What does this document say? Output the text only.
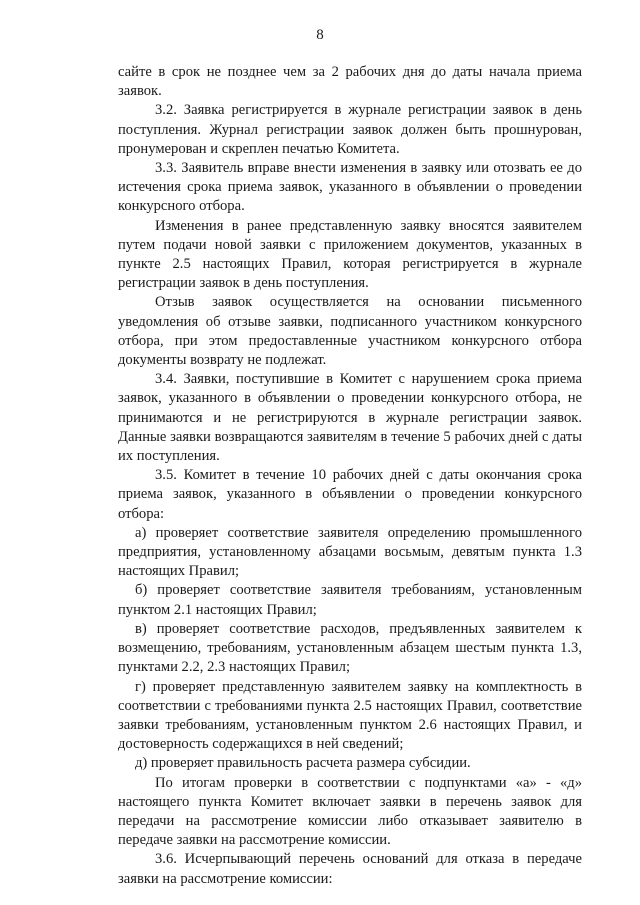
8

сайте в срок не позднее чем за 2 рабочих дня до даты начала приема заявок.

3.2. Заявка регистрируется в журнале регистрации заявок в день поступления. Журнал регистрации заявок должен быть прошнурован, пронумерован и скреплен печатью Комитета.

3.3. Заявитель вправе внести изменения в заявку или отозвать ее до истечения срока приема заявок, указанного в объявлении о проведении конкурсного отбора.

Изменения в ранее представленную заявку вносятся заявителем путем подачи новой заявки с приложением документов, указанных в пункте 2.5 настоящих Правил, которая регистрируется в журнале регистрации заявок в день поступления.

Отзыв заявок осуществляется на основании письменного уведомления об отзыве заявки, подписанного участником конкурсного отбора, при этом предоставленные участником конкурсного отбора документы возврату не подлежат.

3.4. Заявки, поступившие в Комитет с нарушением срока приема заявок, указанного в объявлении о проведении конкурсного отбора, не принимаются и не регистрируются в журнале регистрации заявок. Данные заявки возвращаются заявителям в течение 5 рабочих дней с даты их поступления.

3.5. Комитет в течение 10 рабочих дней с даты окончания срока приема заявок, указанного в объявлении о проведении конкурсного отбора:

а) проверяет соответствие заявителя определению промышленного предприятия, установленному абзацами восьмым, девятым пункта 1.3 настоящих Правил;

б) проверяет соответствие заявителя требованиям, установленным пунктом 2.1 настоящих Правил;

в) проверяет соответствие расходов, предъявленных заявителем к возмещению, требованиям, установленным абзацем шестым пункта 1.3, пунктами 2.2, 2.3 настоящих Правил;

г) проверяет представленную заявителем заявку на комплектность в соответствии с требованиями пункта 2.5 настоящих Правил, соответствие заявки требованиям, установленным пунктом 2.6 настоящих Правил, и достоверность содержащихся в ней сведений;

д) проверяет правильность расчета размера субсидии.

По итогам проверки в соответствии с подпунктами «а» - «д» настоящего пункта Комитет включает заявки в перечень заявок для передачи на рассмотрение комиссии либо отказывает заявителю в передаче заявки на рассмотрение комиссии.

3.6. Исчерпывающий перечень оснований для отказа в передаче заявки на рассмотрение комиссии:
